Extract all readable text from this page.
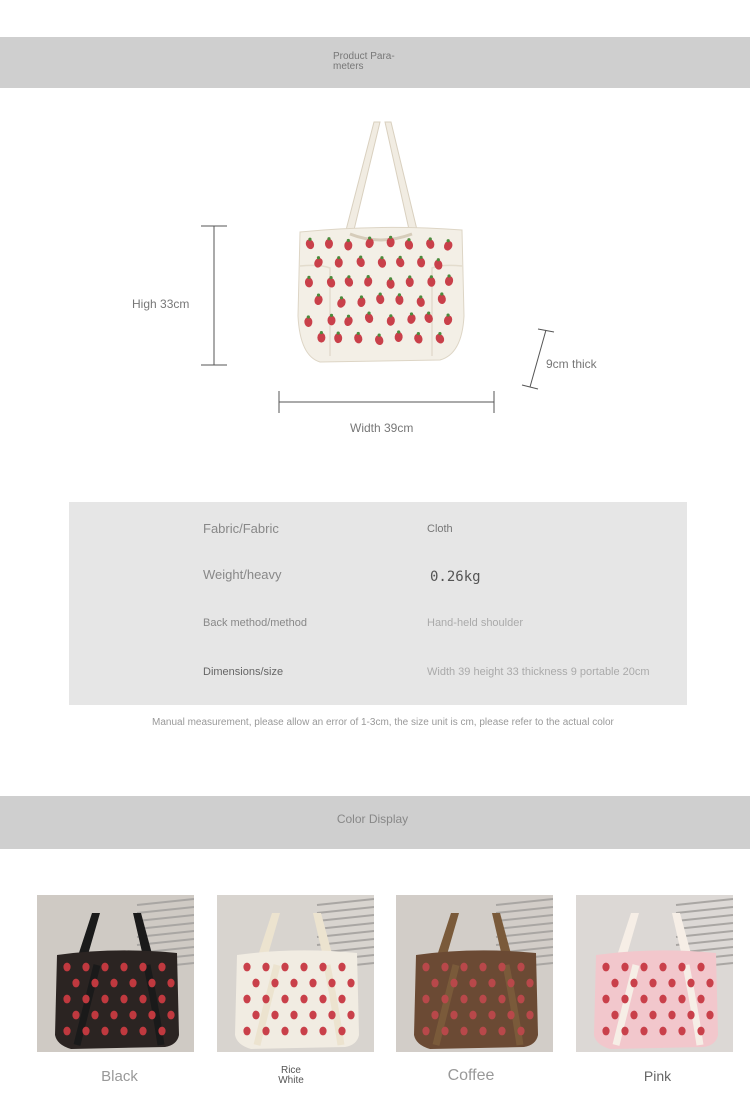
Product Para-meters
High 33cm
Width 39cm
9cm thick
Fabric/Fabric	Cloth
Weight/heavy	0.26kg
Back method/method	Hand-held shoulder
Dimensions/size	Width 39 height 33 thickness 9 portable 20cm
Manual measurement, please allow an error of 1-3cm, the size unit is cm, please refer to the actual color
Color Display
Black	Rice White	Coffee	Pink
